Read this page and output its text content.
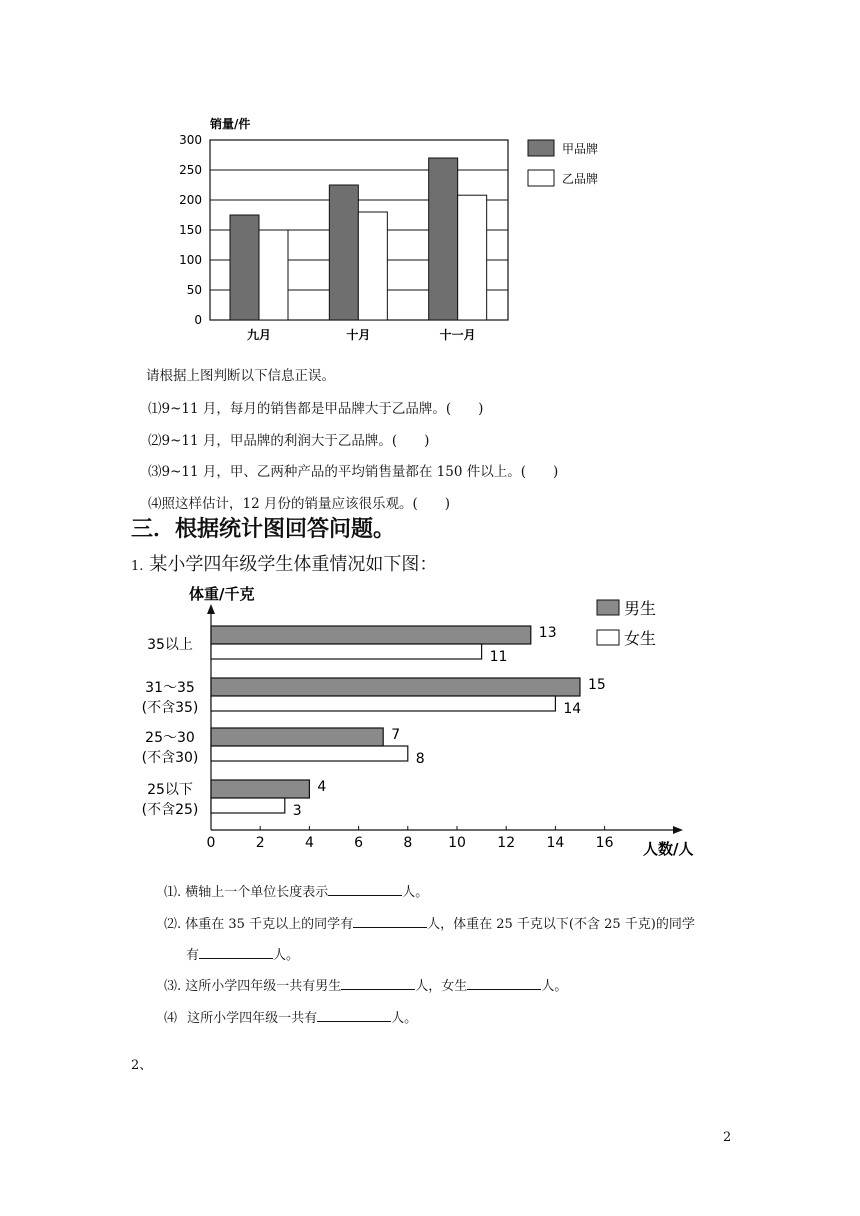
销量/件
300
250
200
150
100
50
0
九月	十月	十一月
甲品牌
乙品牌
请根据上图判断以下信息正误。
⑴9~11 月，每月的销售都是甲品牌大于乙品牌。(　　)
⑵9~11 月，甲品牌的利润大于乙品牌。(　　)
⑶9~11 月，甲、乙两种产品的平均销售量都在 150 件以上。(　　)
⑷照这样估计，12 月份的销量应该很乐观。(　　)
三．根据统计图回答问题。
1. 某小学四年级学生体重情况如下图：
体重/千克
0	2	4	6	8	10 12 14 16
35以上
31～35
(不含35)
25～30
(不含30)
25以下
(不含25)
13
11
15
14
7
8
4
3
人数/人
男生
女生
⑴. 横轴上一个单位长度表示	人。
⑵. 体重在 35 千克以上的同学有	人，体重在 25 千克以下(不含 25 千克)的同学
有	人。
⑶. 这所小学四年级一共有男生	人，女生	人。
⑷ 这所小学四年级一共有	人。
2、
2
